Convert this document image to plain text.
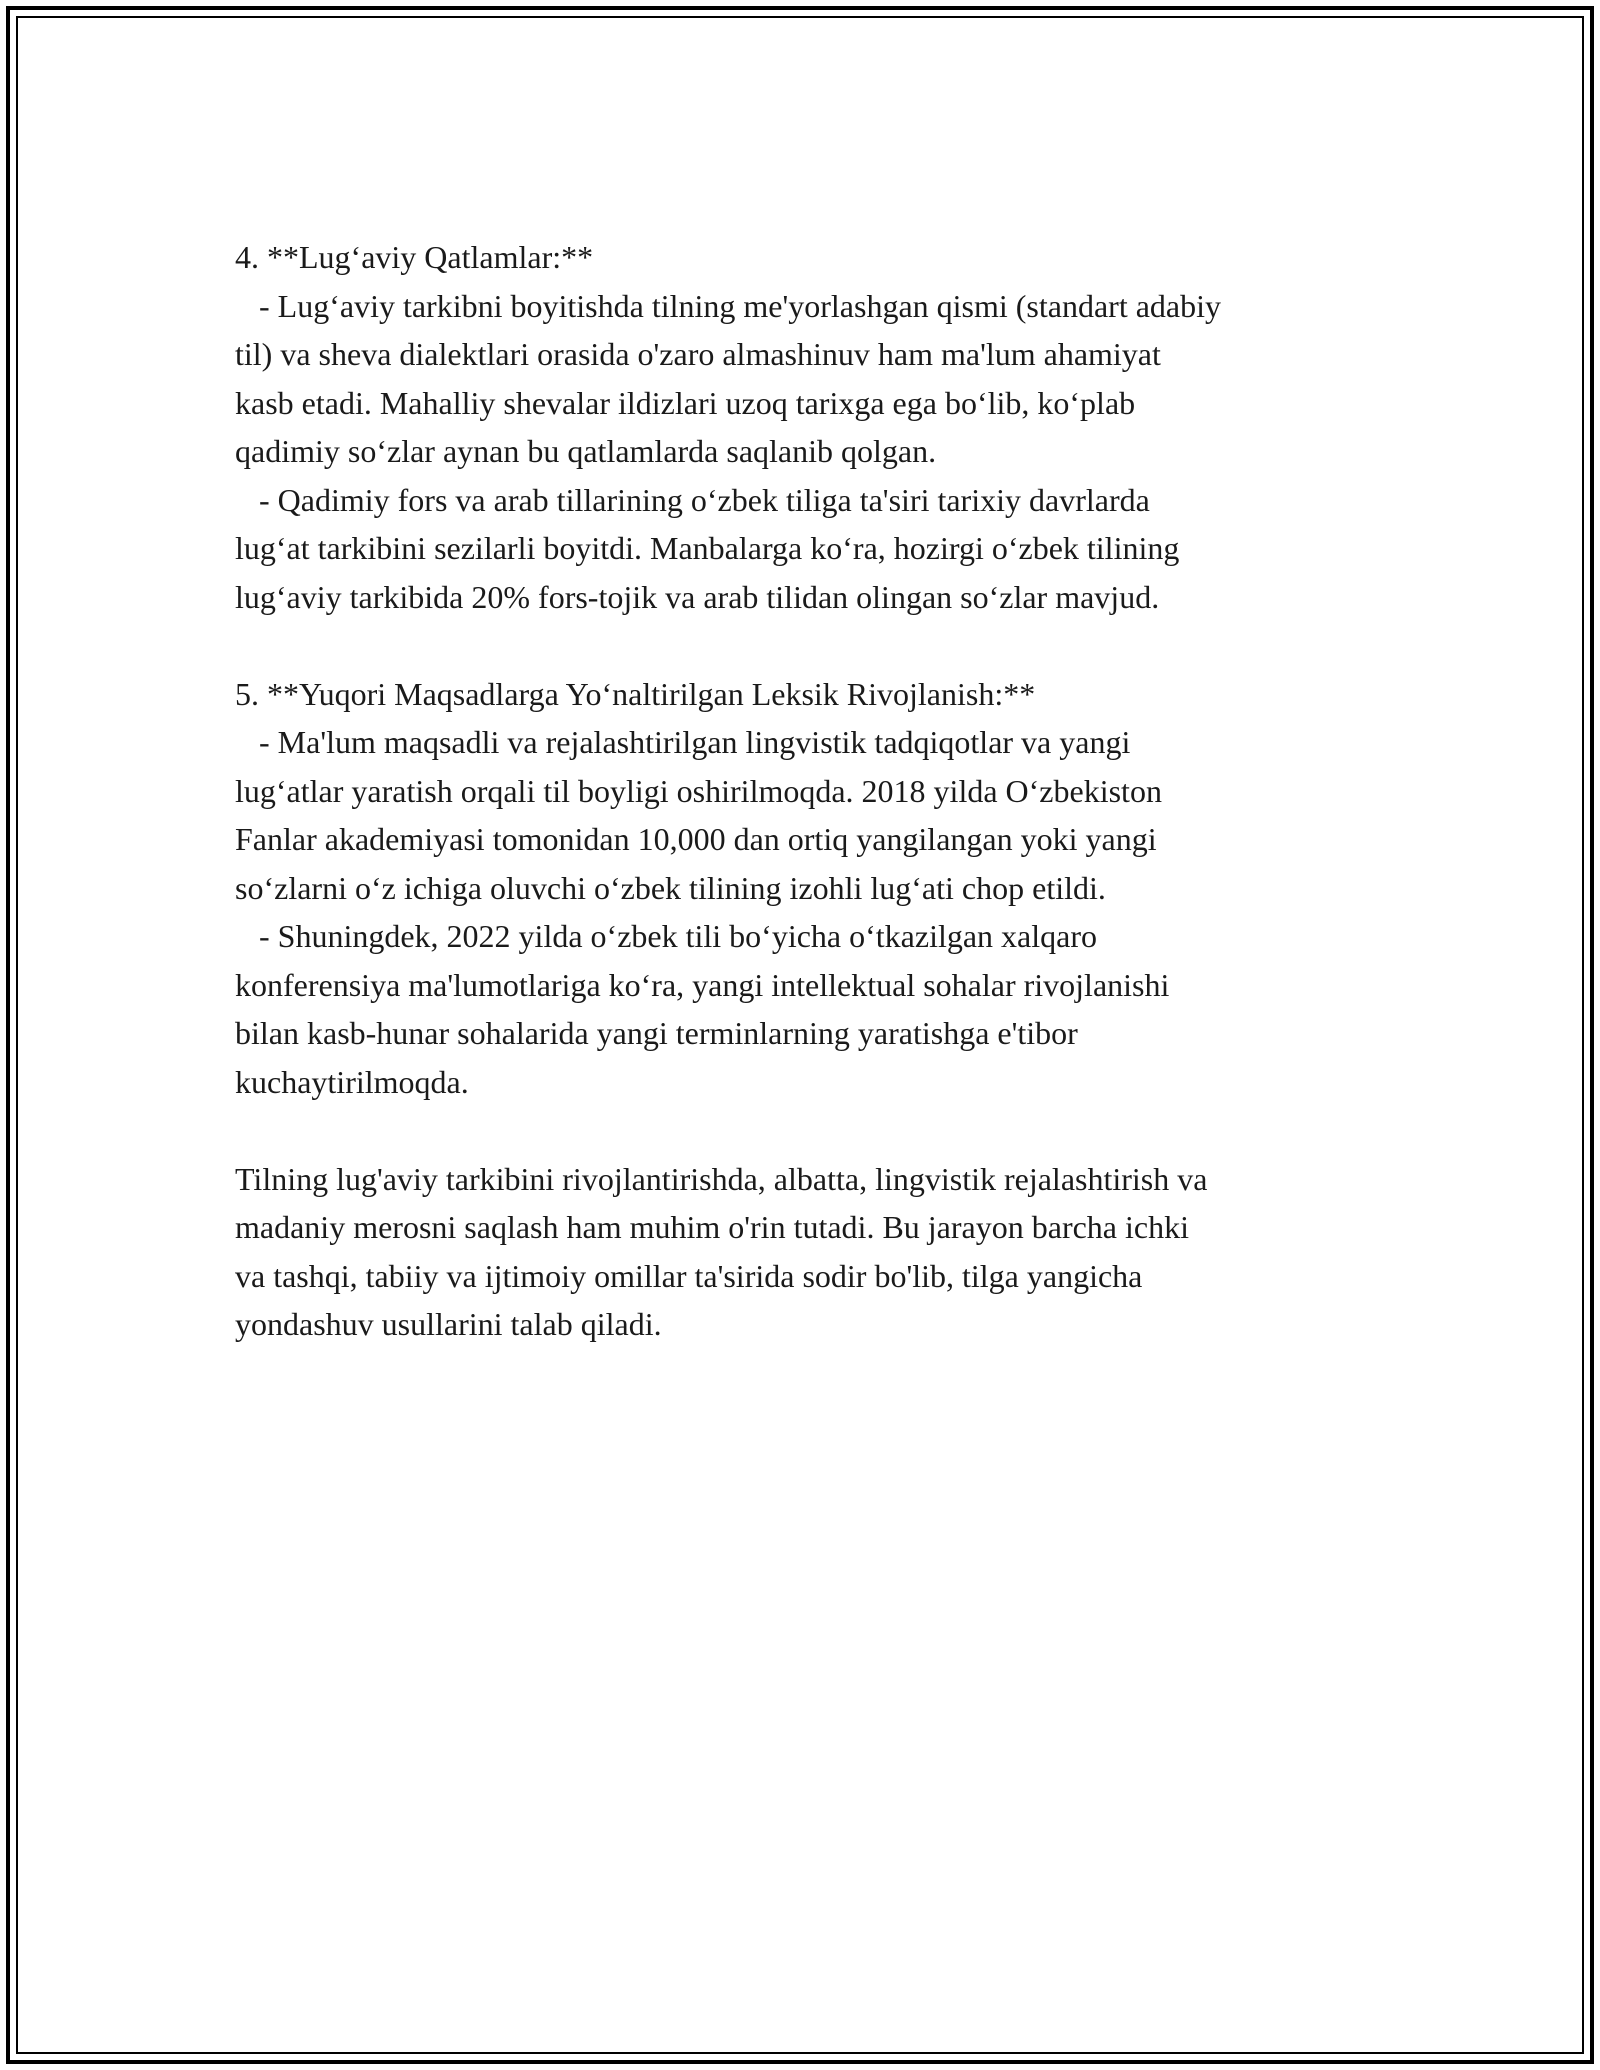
4. **Lug‘aviy Qatlamlar:**
- Lug‘aviy tarkibni boyitishda tilning me'yorlashgan qismi (standart adabiy
til) va sheva dialektlari orasida o'zaro almashinuv ham ma'lum ahamiyat
kasb etadi. Mahalliy shevalar ildizlari uzoq tarixga ega bo‘lib, ko‘plab
qadimiy so‘zlar aynan bu qatlamlarda saqlanib qolgan.
- Qadimiy fors va arab tillarining o‘zbek tiliga ta'siri tarixiy davrlarda
lug‘at tarkibini sezilarli boyitdi. Manbalarga ko‘ra, hozirgi o‘zbek tilining
lug‘aviy tarkibida 20% fors-tojik va arab tilidan olingan so‘zlar mavjud.
5. **Yuqori Maqsadlarga Yo‘naltirilgan Leksik Rivojlanish:**
- Ma'lum maqsadli va rejalashtirilgan lingvistik tadqiqotlar va yangi
lug‘atlar yaratish orqali til boyligi oshirilmoqda. 2018 yilda O‘zbekiston
Fanlar akademiyasi tomonidan 10,000 dan ortiq yangilangan yoki yangi
so‘zlarni o‘z ichiga oluvchi o‘zbek tilining izohli lug‘ati chop etildi.
- Shuningdek, 2022 yilda o‘zbek tili bo‘yicha o‘tkazilgan xalqaro
konferensiya ma'lumotlariga ko‘ra, yangi intellektual sohalar rivojlanishi
bilan kasb-hunar sohalarida yangi terminlarning yaratishga e'tibor
kuchaytirilmoqda.
Tilning lug'aviy tarkibini rivojlantirishda, albatta, lingvistik rejalashtirish va
madaniy merosni saqlash ham muhim o'rin tutadi. Bu jarayon barcha ichki
va tashqi, tabiiy va ijtimoiy omillar ta'sirida sodir bo'lib, tilga yangicha
yondashuv usullarini talab qiladi.
